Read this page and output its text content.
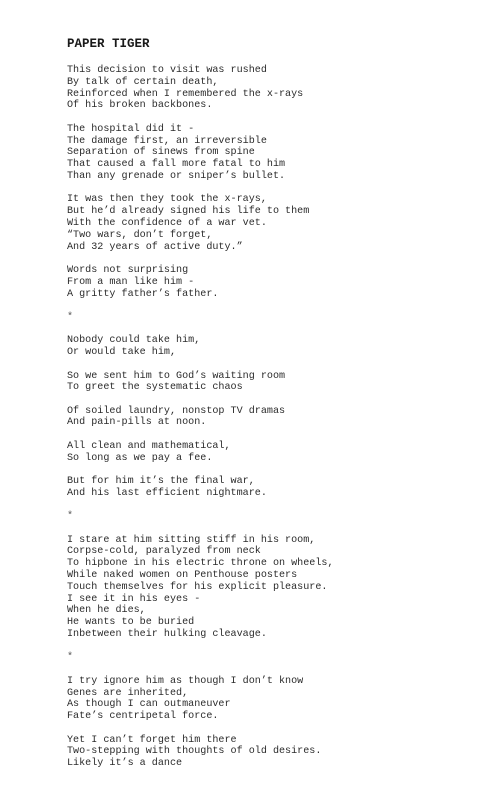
PAPER TIGER
This decision to visit was rushed
By talk of certain death,
Reinforced when I remembered the x-rays
Of his broken backbones.
The hospital did it -
The damage first, an irreversible
Separation of sinews from spine
That caused a fall more fatal to him
Than any grenade or sniper’s bullet.
It was then they took the x-rays,
But he’d already signed his life to them
With the confidence of a war vet.
“Two wars, don’t forget,
And 32 years of active duty.”
Words not surprising
From a man like him -
A gritty father’s father.
*
Nobody could take him,
Or would take him,
So we sent him to God’s waiting room
To greet the systematic chaos
Of soiled laundry, nonstop TV dramas
And pain-pills at noon.
All clean and mathematical,
So long as we pay a fee.
But for him it’s the final war,
And his last efficient nightmare.
*
I stare at him sitting stiff in his room,
Corpse-cold, paralyzed from neck
To hipbone in his electric throne on wheels,
While naked women on Penthouse posters
Touch themselves for his explicit pleasure.
I see it in his eyes -
When he dies,
He wants to be buried
Inbetween their hulking cleavage.
*
I try ignore him as though I don’t know
Genes are inherited,
As though I can outmaneuver
Fate’s centripetal force.
Yet I can’t forget him there
Two-stepping with thoughts of old desires.
Likely it’s a dance
